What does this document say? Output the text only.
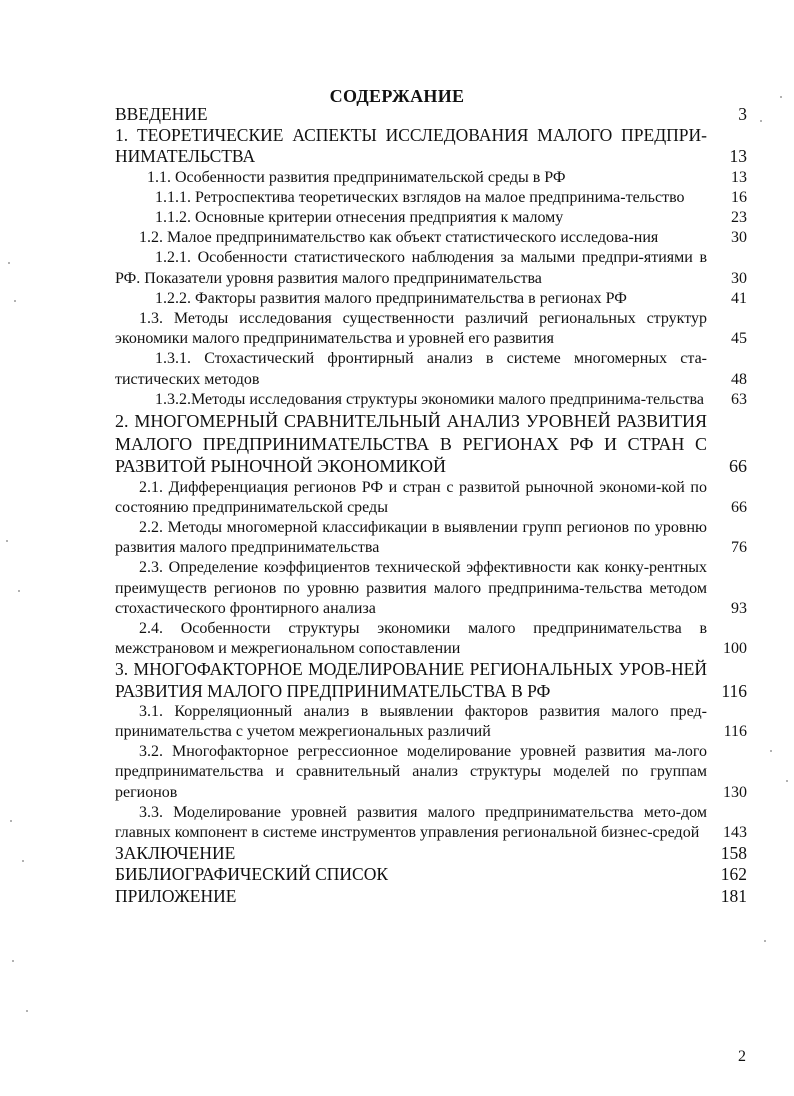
СОДЕРЖАНИЕ
ВВЕДЕНИЕ	3
1. ТЕОРЕТИЧЕСКИЕ АСПЕКТЫ ИССЛЕДОВАНИЯ МАЛОГО ПРЕДПРИ-НИМАТЕЛЬСТВА	13
1.1. Особенности развития предпринимательской среды в РФ	13
1.1.1. Ретроспектива теоретических взглядов на малое предпринима-тельство	16
1.1.2. Основные критерии отнесения предприятия к малому	23
1.2. Малое предпринимательство как объект статистического исследова-ния	30
1.2.1. Особенности статистического наблюдения за малыми предпри-ятиями в РФ. Показатели уровня развития малого предпринимательства	30
1.2.2. Факторы развития малого предпринимательства в регионах РФ	41
1.3. Методы исследования существенности различий региональных структур экономики малого предпринимательства и уровней его развития	45
1.3.1. Стохастический фронтирный анализ в системе многомерных ста-тистических методов	48
1.3.2.Методы исследования структуры экономики малого предпринима-тельства	63
2. МНОГОМЕРНЫЙ СРАВНИТЕЛЬНЫЙ АНАЛИЗ УРОВНЕЙ РАЗВИТИЯ МАЛОГО ПРЕДПРИНИМАТЕЛЬСТВА В РЕГИОНАХ РФ И СТРАН С РАЗВИТОЙ РЫНОЧНОЙ ЭКОНОМИКОЙ	66
2.1. Дифференциация регионов РФ и стран с развитой рыночной экономи-кой по состоянию предпринимательской среды	66
2.2. Методы многомерной классификации в выявлении групп регионов по уровню развития малого предпринимательства	76
2.3. Определение коэффициентов технической эффективности как конку-рентных преимуществ регионов по уровню развития малого предпринима-тельства методом стохастического фронтирного анализа	93
2.4. Особенности структуры экономики малого предпринимательства в межстрановом и межрегиональном сопоставлении	100
3. МНОГОФАКТОРНОЕ МОДЕЛИРОВАНИЕ РЕГИОНАЛЬНЫХ УРОВ-НЕЙ РАЗВИТИЯ МАЛОГО ПРЕДПРИНИМАТЕЛЬСТВА В РФ	116
3.1. Корреляционный анализ в выявлении факторов развития малого пред-принимательства с учетом межрегиональных различий	116
3.2. Многофакторное регрессионное моделирование уровней развития ма-лого предпринимательства и сравнительный анализ структуры моделей по группам регионов	130
3.3. Моделирование уровней развития малого предпринимательства мето-дом главных компонент в системе инструментов управления региональной бизнес-средой	143
ЗАКЛЮЧЕНИЕ	158
БИБЛИОГРАФИЧЕСКИЙ СПИСОК	162
ПРИЛОЖЕНИЕ	181
2
